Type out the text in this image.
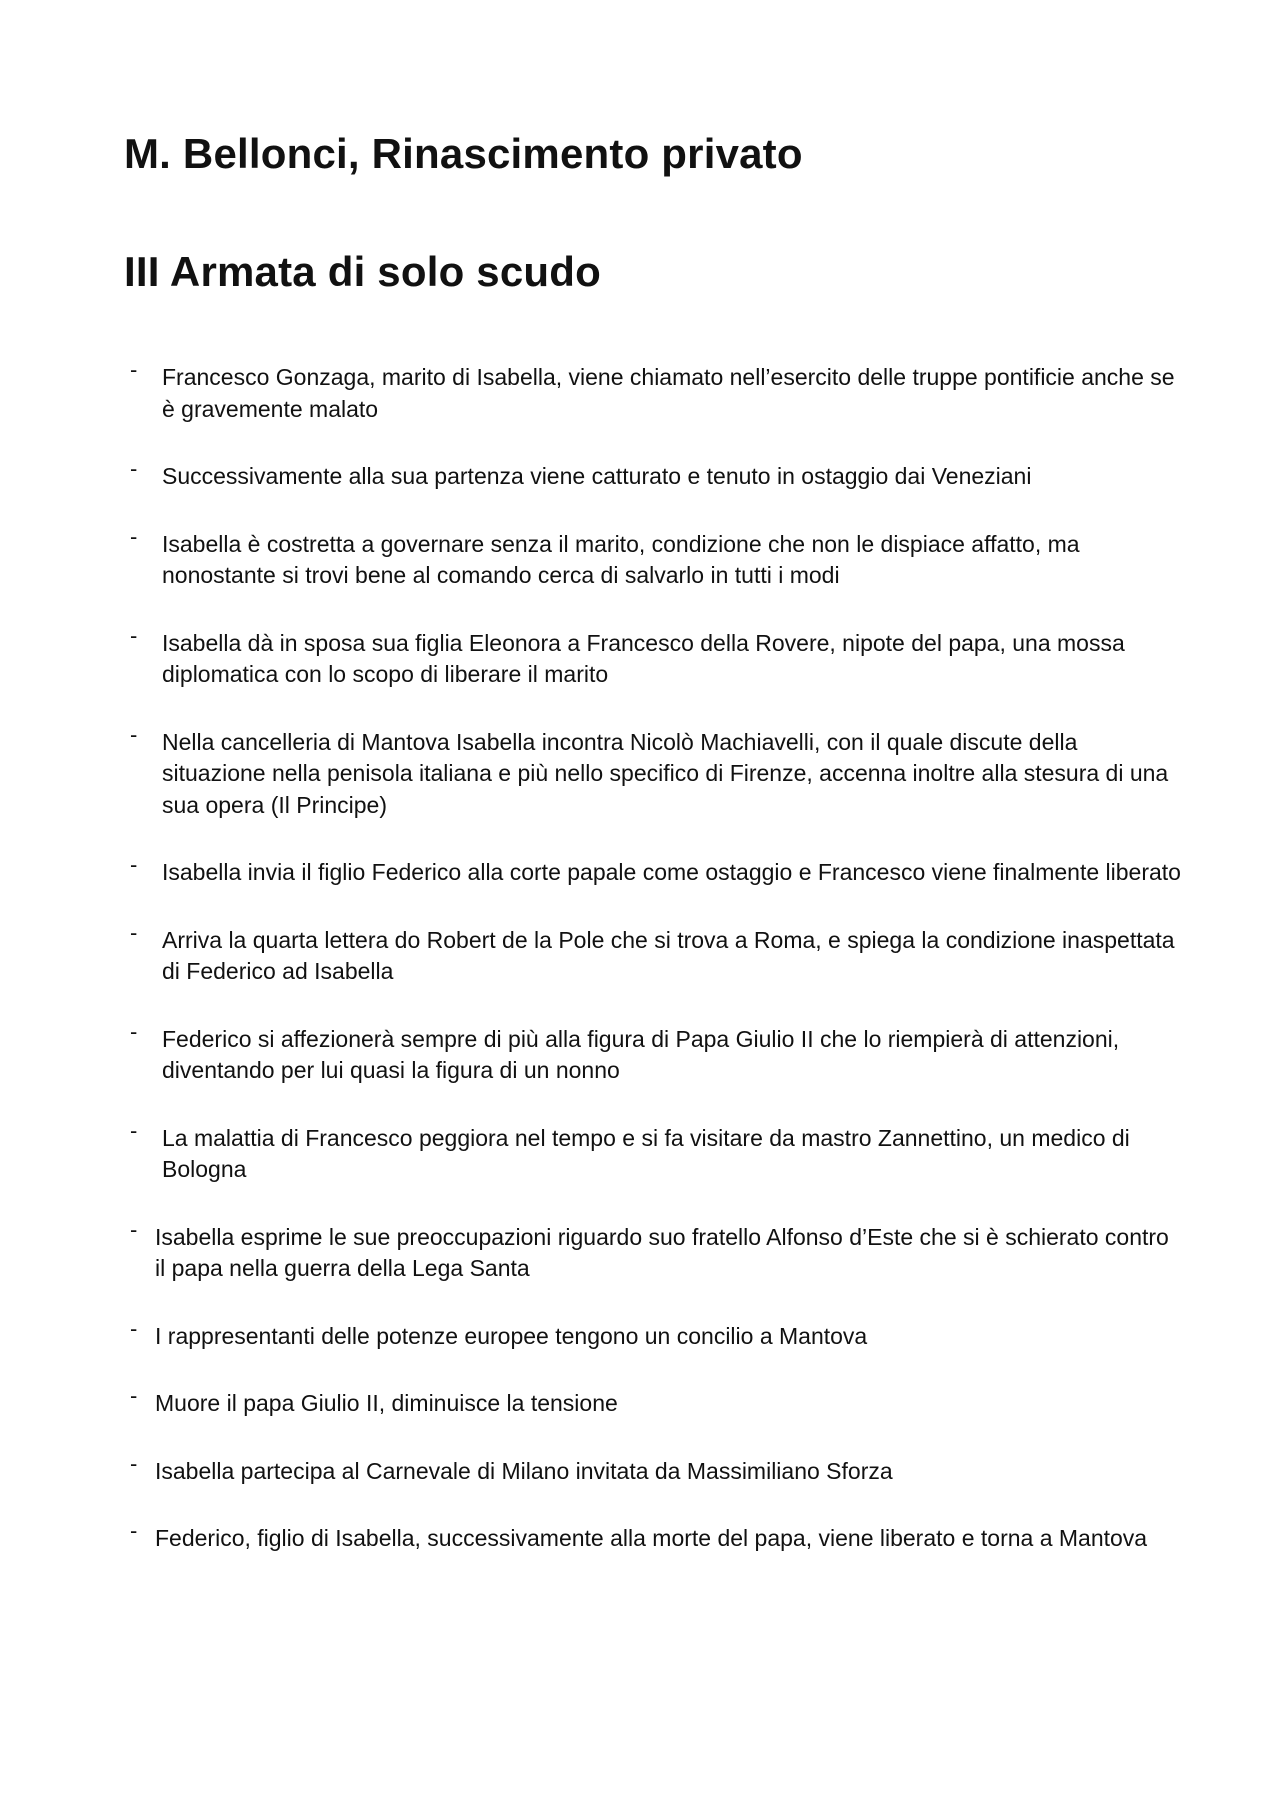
M. Bellonci, Rinascimento privato
III Armata di solo scudo
-	Francesco Gonzaga, marito di Isabella, viene chiamato nell’esercito delle truppe pontificie anche se è gravemente malato
-	Successivamente alla sua partenza viene catturato e tenuto in ostaggio dai Veneziani
-	Isabella è costretta a governare senza il marito, condizione che non le dispiace affatto, ma nonostante si trovi bene al comando cerca di salvarlo in tutti i modi
-	Isabella dà in sposa sua figlia Eleonora a Francesco della Rovere, nipote del papa, una mossa diplomatica con lo scopo di liberare il marito
-	Nella cancelleria di Mantova Isabella incontra Nicolò Machiavelli, con il quale discute della situazione nella penisola italiana e più nello specifico di Firenze, accenna inoltre alla stesura di una sua opera (Il Principe)
-	Isabella invia il figlio Federico alla corte papale come ostaggio e Francesco viene finalmente liberato
-	Arriva la quarta lettera do Robert de la Pole che si trova a Roma, e spiega la condizione inaspettata di Federico ad Isabella
-	Federico si affezionerà sempre di più alla figura di Papa Giulio II che lo riempierà di attenzioni, diventando per lui quasi la figura di un nonno
-	La malattia di Francesco peggiora nel tempo e si fa visitare da mastro Zannettino, un medico di Bologna
- Isabella esprime le sue preoccupazioni riguardo suo fratello Alfonso d’Este che si è schierato contro il papa nella guerra della Lega Santa
- I rappresentanti delle potenze europee tengono un concilio a Mantova
- Muore il papa Giulio II, diminuisce la tensione
- Isabella partecipa al Carnevale di Milano invitata da Massimiliano Sforza
- Federico, figlio di Isabella, successivamente alla morte del papa, viene liberato e torna a Mantova
